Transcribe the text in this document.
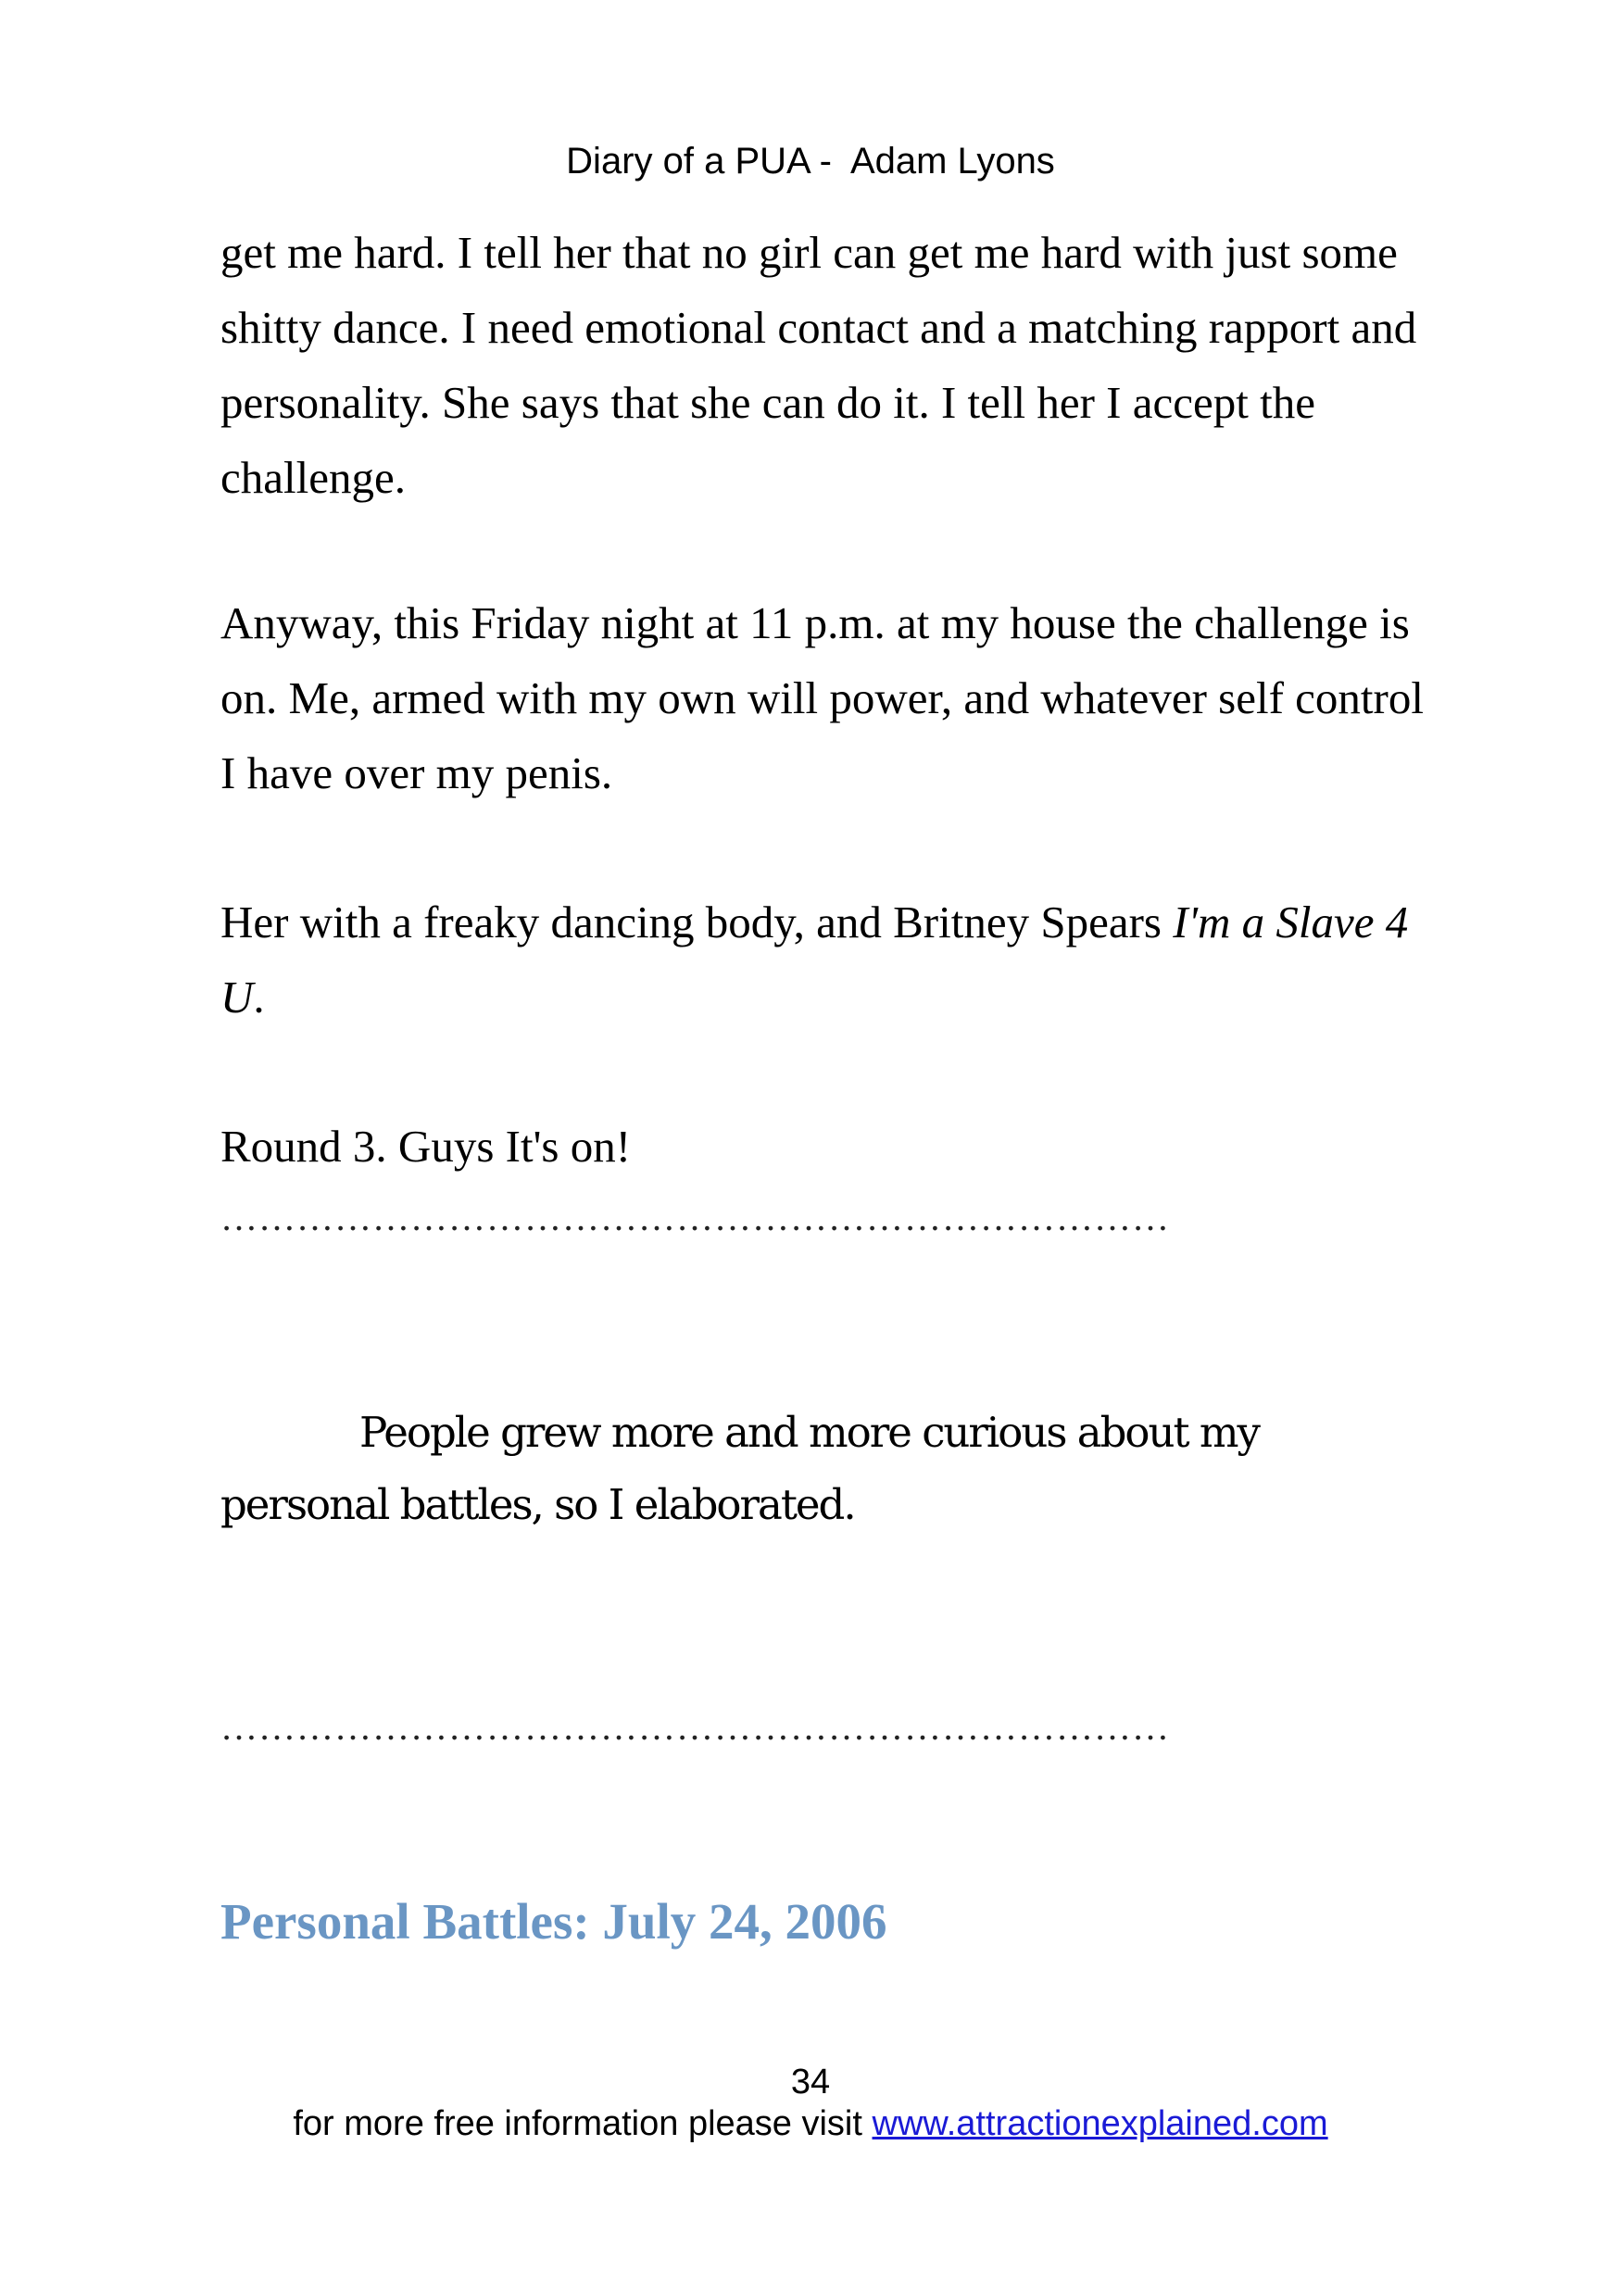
Diary of a PUA -  Adam Lyons

get me hard. I tell her that no girl can get me hard with just some shitty dance. I need emotional contact and a matching rapport and personality. She says that she can do it. I tell her I accept the challenge.

Anyway, this Friday night at 11 p.m. at my house the challenge is on. Me, armed with my own will power, and whatever self control I have over my penis.

Her with a freaky dancing body, and Britney Spears I'm a Slave 4 U.

Round 3. Guys It's on!

…………………………………………………………………

People grew more and more curious about my personal battles, so I elaborated.

…………………………………………………………………
Personal Battles: July 24, 2006
34
for more free information please visit www.attractionexplained.com
